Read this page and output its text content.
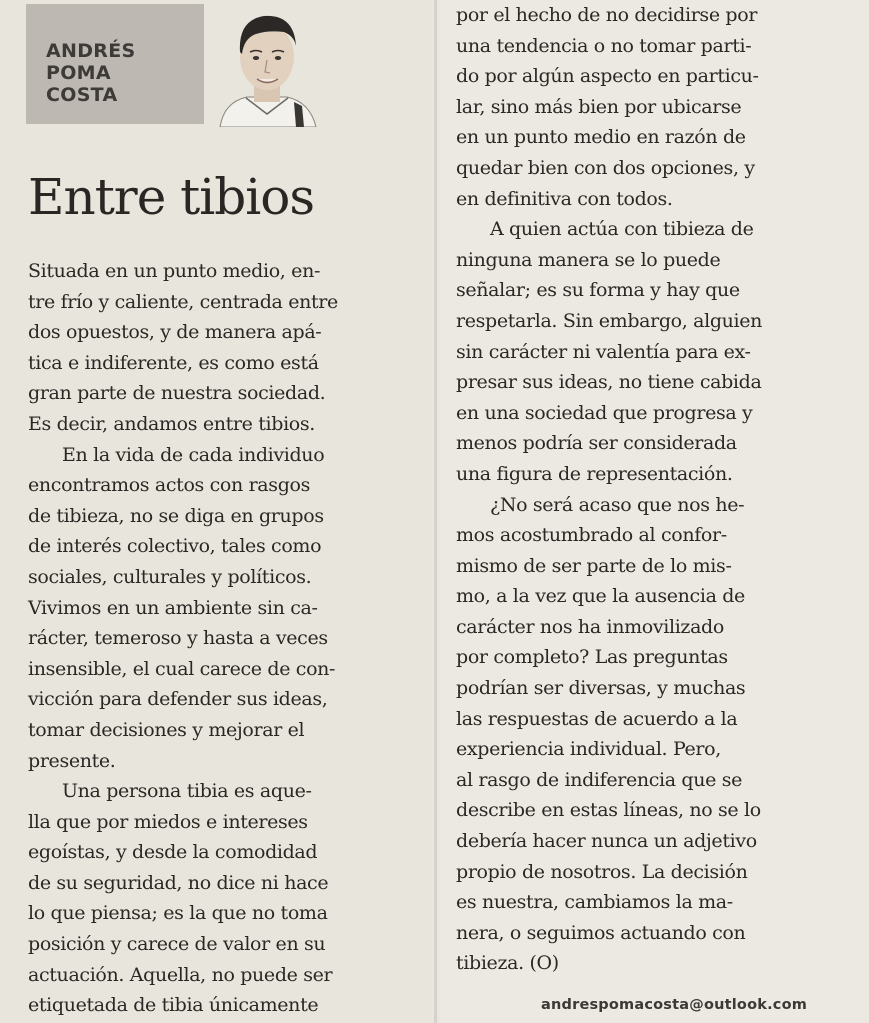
ANDRÉS
POMA
COSTA
Entre tibios

Situada en un punto medio, en-

tre frío y caliente, centrada entre

dos opuestos, y de manera apá-

tica e indiferente, es como está

gran parte de nuestra sociedad.

Es decir, andamos entre tibios.

En la vida de cada individuo

encontramos actos con rasgos

de tibieza, no se diga en grupos

de interés colectivo, tales como

sociales, culturales y políticos.

Vivimos en un ambiente sin ca-

rácter, temeroso y hasta a veces

insensible, el cual carece de con-

vicción para defender sus ideas,

tomar decisiones y mejorar el

presente.

Una persona tibia es aque-

lla que por miedos e intereses

egoístas, y desde la comodidad

de su seguridad, no dice ni hace

lo que piensa; es la que no toma

posición y carece de valor en su

actuación. Aquella, no puede ser

etiquetada de tibia únicamente

por el hecho de no decidirse por

una tendencia o no tomar parti-

do por algún aspecto en particu-

lar, sino más bien por ubicarse

en un punto medio en razón de

quedar bien con dos opciones, y

en definitiva con todos.

A quien actúa con tibieza de

ninguna manera se lo puede

señalar; es su forma y hay que

respetarla. Sin embargo, alguien

sin carácter ni valentía para ex-

presar sus ideas, no tiene cabida

en una sociedad que progresa y

menos podría ser considerada

una figura de representación.

¿No será acaso que nos he-

mos acostumbrado al confor-

mismo de ser parte de lo mis-

mo, a la vez que la ausencia de

carácter nos ha inmovilizado

por completo? Las preguntas

podrían ser diversas, y muchas

las respuestas de acuerdo a la

experiencia individual. Pero,

al rasgo de indiferencia que se

describe en estas líneas, no se lo

debería hacer nunca un adjetivo

propio de nosotros. La decisión

es nuestra, cambiamos la ma-

nera, o seguimos actuando con

tibieza. (O)

andrespomacosta@outlook.com
